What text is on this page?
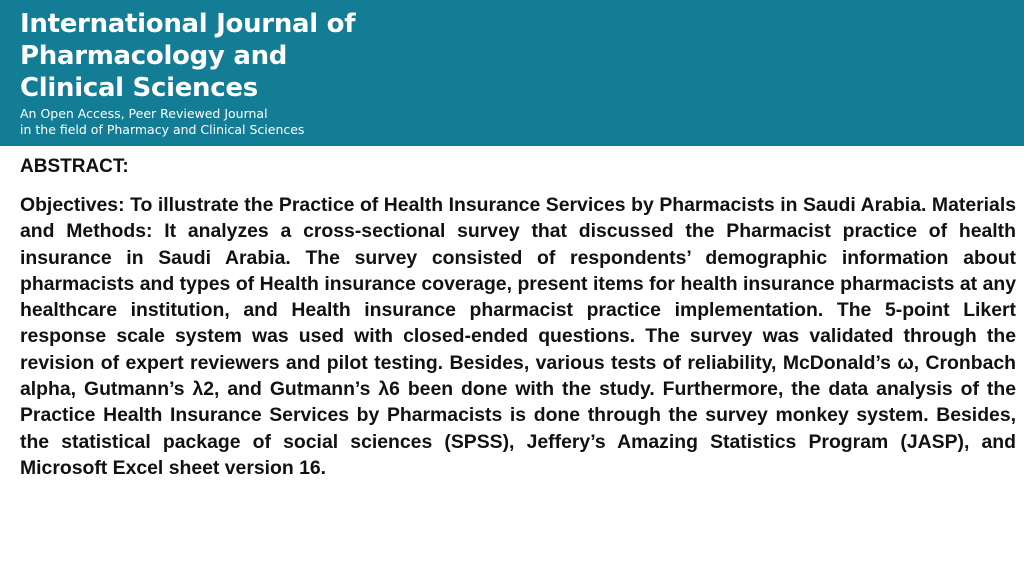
International Journal of
Pharmacology and
Clinical Sciences

An Open Access, Peer Reviewed Journal
in the field of Pharmacy and Clinical Sciences

ABSTRACT:

Objectives: To illustrate the Practice of Health Insurance Services by Pharmacists in Saudi Arabia. Materials and Methods: It analyzes a cross-sectional survey that discussed the Pharmacist practice of health insurance in Saudi Arabia. The survey consisted of respondents’ demographic information about pharmacists and types of Health insurance coverage, present items for health insurance pharmacists at any healthcare institution, and Health insurance pharmacist practice implementation. The 5-point Likert response scale system was used with closed-ended questions. The survey was validated through the revision of expert reviewers and pilot testing. Besides, various tests of reliability, McDonald’s ω, Cronbach alpha, Gutmann’s λ2, and Gutmann’s λ6 been done with the study. Furthermore, the data analysis of the Practice Health Insurance Services by Pharmacists is done through the survey monkey system. Besides, the statistical package of social sciences (SPSS), Jeffery’s Amazing Statistics Program (JASP), and Microsoft Excel sheet version 16.
